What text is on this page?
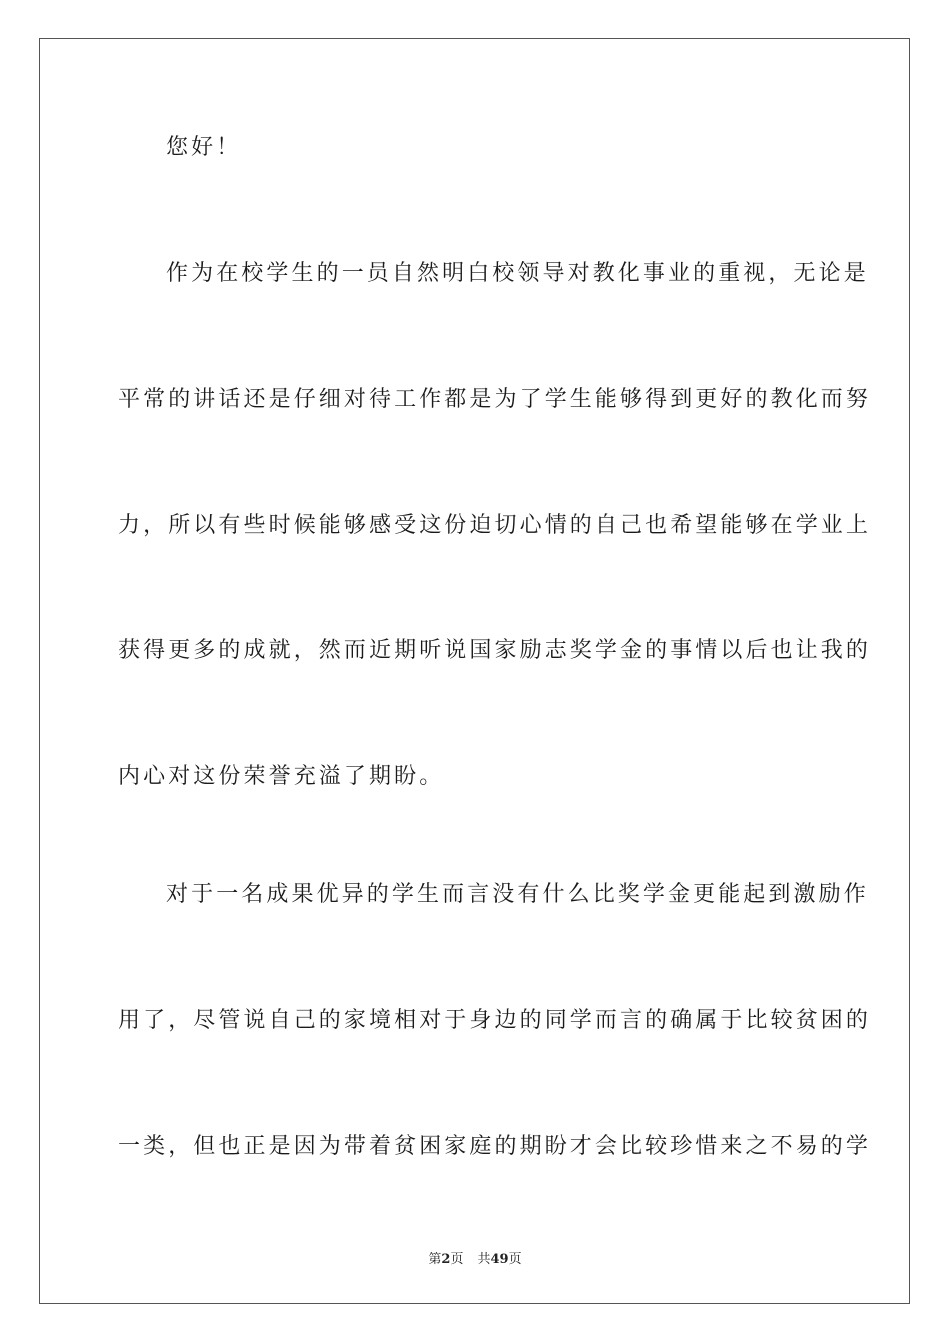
您好！
作为在校学生的一员自然明白校领导对教化事业的重视，无论是
平常的讲话还是仔细对待工作都是为了学生能够得到更好的教化而努
力，所以有些时候能够感受这份迫切心情的自己也希望能够在学业上
获得更多的成就，然而近期听说国家励志奖学金的事情以后也让我的
内心对这份荣誉充溢了期盼。
对于一名成果优异的学生而言没有什么比奖学金更能起到激励作
用了，尽管说自己的家境相对于身边的同学而言的确属于比较贫困的
一类，但也正是因为带着贫困家庭的期盼才会比较珍惜来之不易的学
第2页 共49页
